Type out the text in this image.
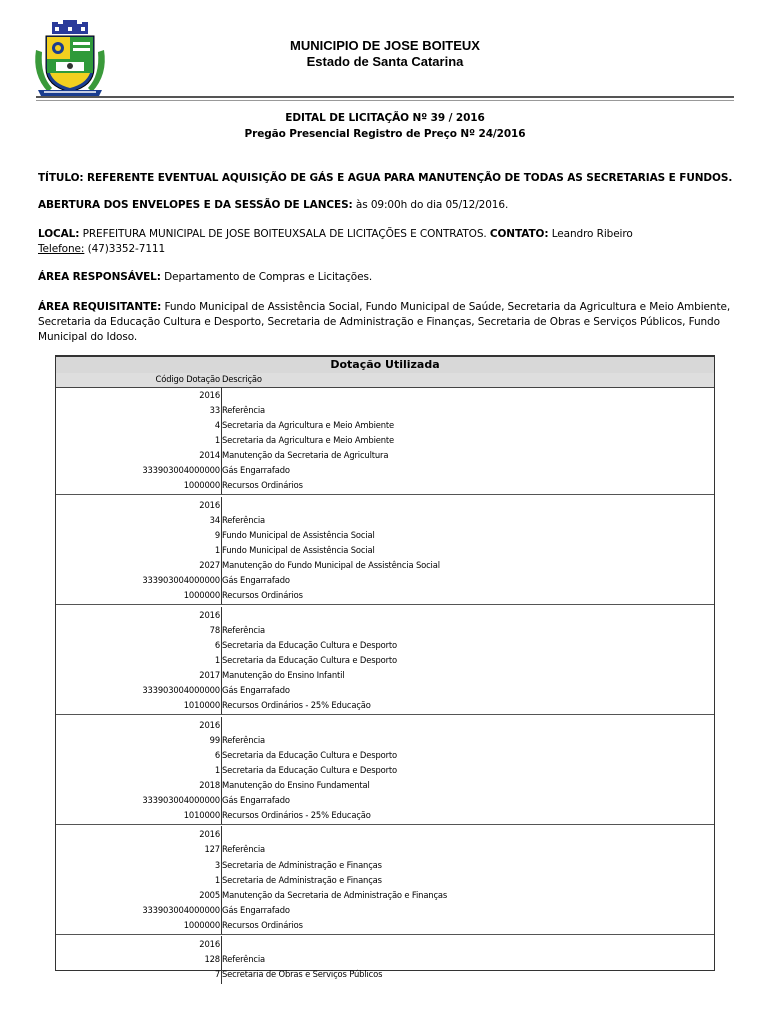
MUNICIPIO DE JOSE BOITEUX
Estado de Santa Catarina
EDITAL DE LICITAÇÃO Nº 39 / 2016
Pregão Presencial Registro de Preço Nº 24/2016
TÍTULO: REFERENTE EVENTUAL AQUISIÇÃO DE GÁS E AGUA PARA MANUTENÇÃO DE TODAS AS SECRETARIAS E FUNDOS.
ABERTURA DOS ENVELOPES E DA SESSÃO DE LANCES: às 09:00h do dia 05/12/2016.
LOCAL: PREFEITURA MUNICIPAL DE JOSE BOITEUXSALA DE LICITAÇÕES E CONTRATOS. CONTATO: Leandro Ribeiro
Telefone: (47)3352-7111
ÁREA RESPONSÁVEL: Departamento de Compras e Licitações.
ÁREA REQUISITANTE: Fundo Municipal de Assistência Social, Fundo Municipal de Saúde, Secretaria da Agricultura e Meio Ambiente,
Secretaria da Educação Cultura e Desporto, Secretaria de Administração e Finanças, Secretaria de Obras e Serviços Públicos, Fundo
Municipal do Idoso.
Dotação Utilizada
Código Dotação Descrição
2016
33 Referência
4 Secretaria da Agricultura e Meio Ambiente
1 Secretaria da Agricultura e Meio Ambiente
2014 Manutenção da Secretaria de Agricultura
333903004000000 Gás Engarrafado
1000000 Recursos Ordinários
2016
34 Referência
9 Fundo Municipal de Assistência Social
1 Fundo Municipal de Assistência Social
2027 Manutenção do Fundo Municipal de Assistência Social
333903004000000 Gás Engarrafado
1000000 Recursos Ordinários
2016
78 Referência
6 Secretaria da Educação Cultura e Desporto
1 Secretaria da Educação Cultura e Desporto
2017 Manutenção do Ensino Infantil
333903004000000 Gás Engarrafado
1010000 Recursos Ordinários - 25% Educação
2016
99 Referência
6 Secretaria da Educação Cultura e Desporto
1 Secretaria da Educação Cultura e Desporto
2018 Manutenção do Ensino Fundamental
333903004000000 Gás Engarrafado
1010000 Recursos Ordinários - 25% Educação
2016
127 Referência
3 Secretaria de Administração e Finanças
1 Secretaria de Administração e Finanças
2005 Manutenção da Secretaria de Administração e Finanças
333903004000000 Gás Engarrafado
1000000 Recursos Ordinários
2016
128 Referência
7 Secretaria de Obras e Serviços Públicos
